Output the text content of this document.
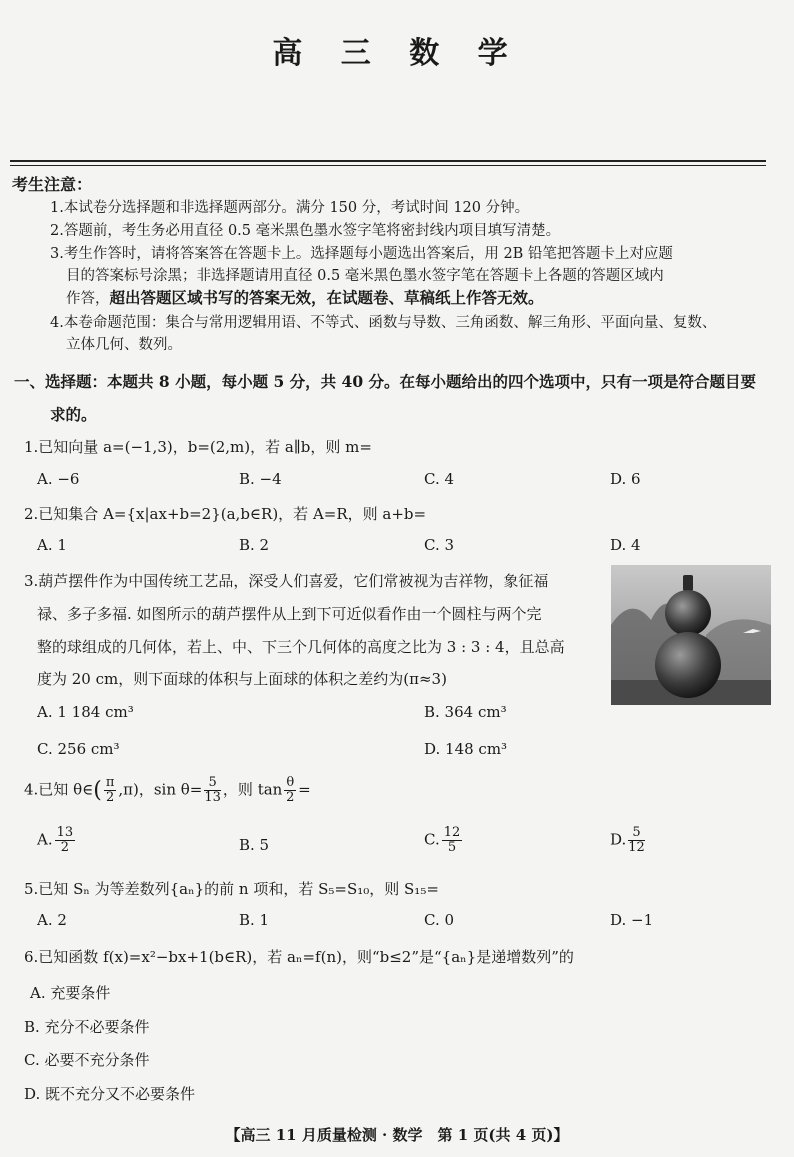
高 三 数 学
考生注意：
1.本试卷分选择题和非选择题两部分。满分 150 分，考试时间 120 分钟。
2.答题前，考生务必用直径 0.5 毫米黑色墨水签字笔将密封线内项目填写清楚。
3.考生作答时，请将答案答在答题卡上。选择题每小题选出答案后，用 2B 铅笔把答题卡上对应题
目的答案标号涂黑；非选择题请用直径 0.5 毫米黑色墨水签字笔在答题卡上各题的答题区域内
作答，超出答题区域书写的答案无效，在试题卷、草稿纸上作答无效。
4.本卷命题范围：集合与常用逻辑用语、不等式、函数与导数、三角函数、解三角形、平面向量、复数、
立体几何、数列。
一、选择题：本题共 8 小题，每小题 5 分，共 40 分。在每小题给出的四个选项中，只有一项是符合题目要
求的。
1.已知向量 a=(−1,3)，b=(2,m)，若 a∥b，则 m=
A. −6	B. −4	C. 4	D. 6
2.已知集合 A={x|ax+b=2}(a,b∈R)，若 A=R，则 a+b=
A. 1	B. 2	C. 3	D. 4
3.葫芦摆件作为中国传统工艺品，深受人们喜爱，它们常被视为吉祥物，象征福
禄、多子多福. 如图所示的葫芦摆件从上到下可近似看作由一个圆柱与两个完
整的球组成的几何体，若上、中、下三个几何体的高度之比为 3 : 3 : 4，且总高
度为 20 cm，则下面球的体积与上面球的体积之差约为(π≈3)
A. 1 184 cm³	B. 364 cm³
C. 256 cm³	D. 148 cm³
4.已知 θ∈( $\frac{\pi}{2} ,\pi$)，$\sin \theta= \frac{5}{13}$ ，则 $\tan \frac{\theta}{2}$ =
A. $\frac{13}{2}$	B. 5	C. $\frac{12}{5}$	D. $\frac{5}{12}$
5.已知 Sₙ 为等差数列{aₙ}的前 n 项和，若 S₅=S₁₀，则 S₁₅=
A. 2	B. 1	C. 0	D. −1
6.已知函数 f(x)=x²−bx+1(b∈R)，若 aₙ=f(n)，则“b≤2”是“{aₙ}是递增数列”的
A. 充要条件
B. 充分不必要条件
C. 必要不充分条件
D. 既不充分又不必要条件
【高三 11 月质量检测 · 数学　第 1 页(共 4 页)】
